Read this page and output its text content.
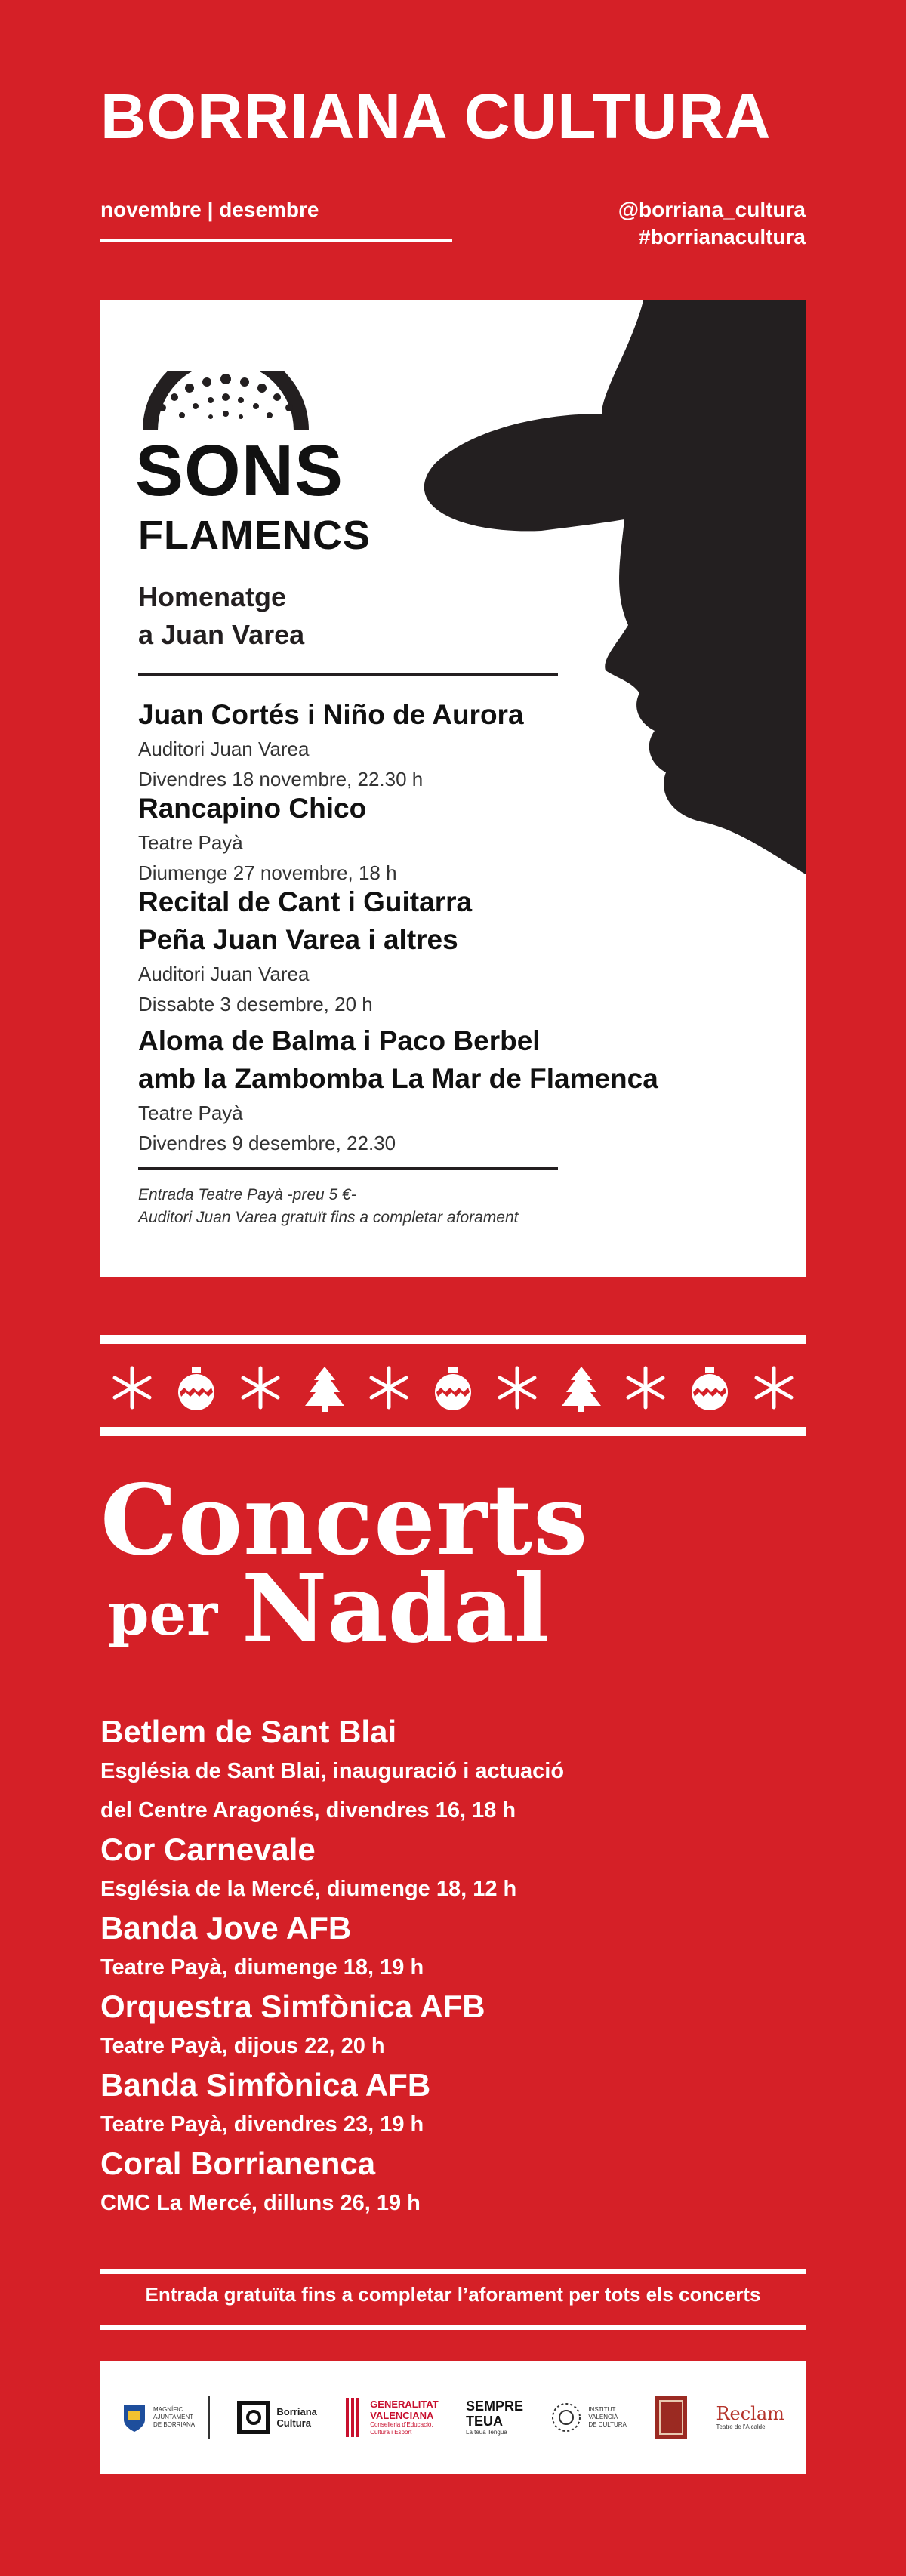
BORRIANA CULTURA
novembre | desembre	@borriana_cultura
#borrianacultura
SONS
FLAMENCS
Homenatge
a Juan Varea
Juan Cortés i Niño de Aurora
Auditori Juan Varea
Divendres 18 novembre, 22.30 h
Rancapino Chico
Teatre Payà
Diumenge 27 novembre, 18 h
Recital de Cant i Guitarra
Peña Juan Varea i altres
Auditori Juan Varea
Dissabte 3 desembre, 20 h
Aloma de Balma i Paco Berbel
amb la Zambomba La Mar de Flamenca
Teatre Payà
Divendres 9 desembre, 22.30
Entrada Teatre Payà -preu 5 €-
Auditori Juan Varea gratuït fins a completar aforament
Concerts
per Nadal
Betlem de Sant Blai
Església de Sant Blai, inauguració i actuació
del Centre Aragonés, divendres 16, 18 h
Cor Carnevale
Església de la Mercé, diumenge 18, 12 h
Banda Jove AFB
Teatre Payà, diumenge 18, 19 h
Orquestra Simfònica AFB
Teatre Payà, dijous 22, 20 h
Banda Simfònica AFB
Teatre Payà, divendres 23, 19 h
Coral Borrianenca
CMC La Mercé, dilluns 26, 19 h
Entrada gratuïta fins a completar l’aforament per tots els concerts
MAGNÍFIC
AJUNTAMENT
DE BORRIANA
Borriana
Cultura
GENERALITAT
VALENCIANA
Conselleria d'Educació,
Cultura i Esport
SEMPRE
TEUA
La teua llengua
INSTITUT
VALENCIÀ
DE CULTURA
Reclam
Teatre de l'Alcalde
